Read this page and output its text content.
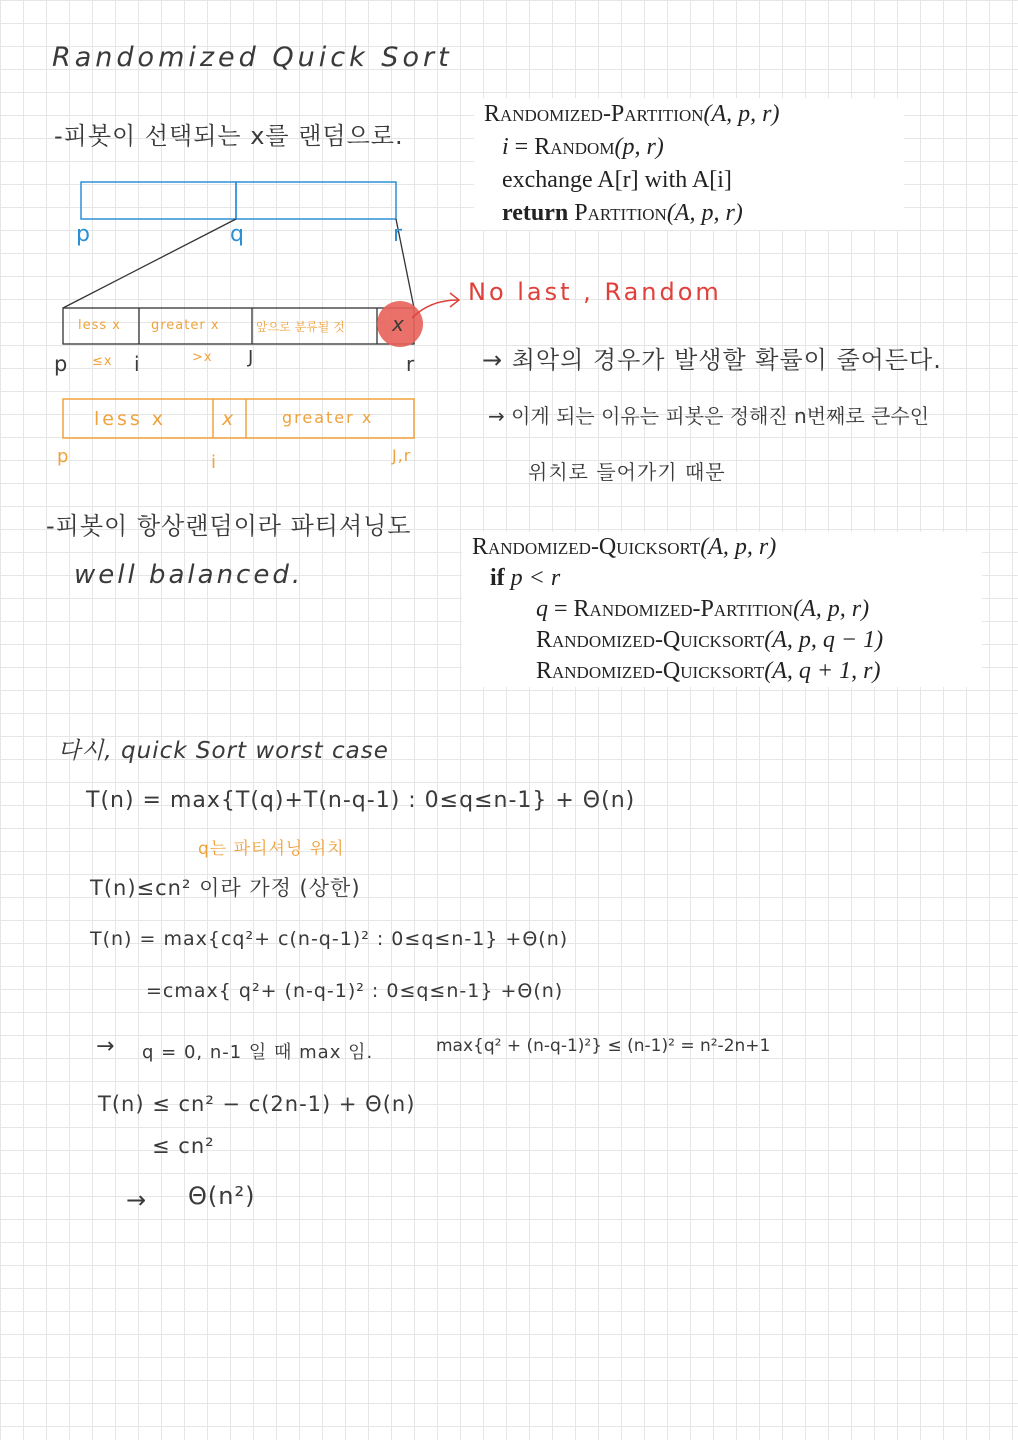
Randomized Quick Sort
-피봇이 선택되는 x를 랜덤으로.
p	q	r
less x greater x	앞으로 분류될 것 x
p ≤x i	>x J	r
No last , Random
less x	x	greater x
p	i	J,r
-피봇이 항상랜덤이라 파티셔닝도
well balanced.
Randomized-Partition(A, p, r)
i = Random(p, r)
exchange A[r] with A[i]
return Partition(A, p, r)
→ 최악의 경우가 발생할 확률이 줄어든다.
→ 이게 되는 이유는 피봇은 정해진 n번째로 큰수인
위치로 들어가기 때문
Randomized-Quicksort(A, p, r)
if p < r
q = Randomized-Partition(A, p, r)
Randomized-Quicksort(A, p, q − 1)
Randomized-Quicksort(A, q + 1, r)
다시, quick Sort worst case
T(n) = max{T(q)+T(n-q-1) : 0≤q≤n-1} + Θ(n)
q는 파티셔닝 위치
T(n)≤cn² 이라 가정 (상한)
T(n) = max{cq²+ c(n-q-1)² : 0≤q≤n-1} +Θ(n)
=cmax{ q²+ (n-q-1)² : 0≤q≤n-1} +Θ(n)
→ q = 0, n-1 일 때 max 임.	max{q² + (n-q-1)²} ≤ (n-1)² = n²-2n+1
T(n) ≤ cn² − c(2n-1) + Θ(n)
≤ cn²
→ Θ(n²)
